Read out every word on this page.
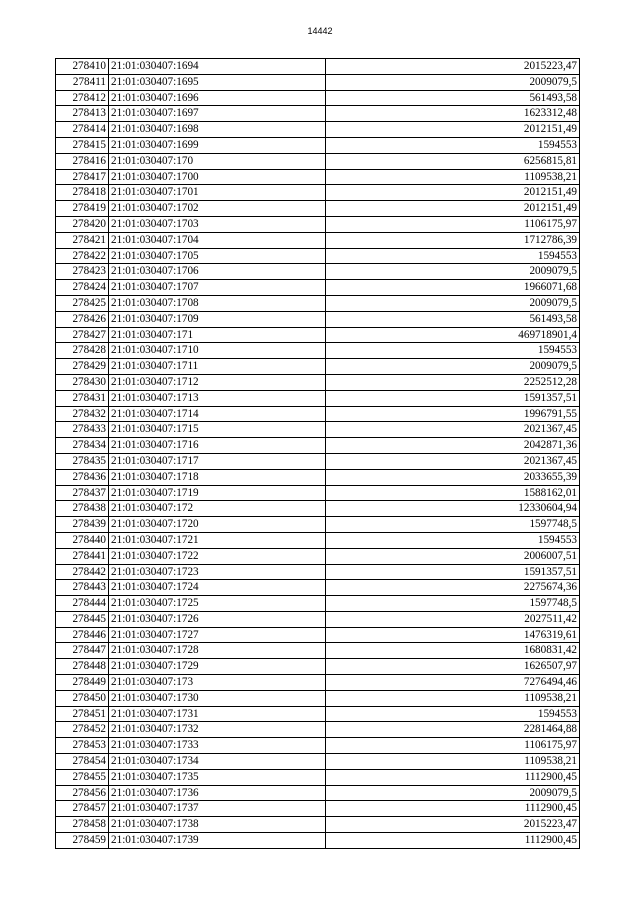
14442
278410	21:01:030407:1694	2015223,47
278411	21:01:030407:1695	2009079,5
278412	21:01:030407:1696	561493,58
278413	21:01:030407:1697	1623312,48
278414	21:01:030407:1698	2012151,49
278415	21:01:030407:1699	1594553
278416	21:01:030407:170	6256815,81
278417	21:01:030407:1700	1109538,21
278418	21:01:030407:1701	2012151,49
278419	21:01:030407:1702	2012151,49
278420	21:01:030407:1703	1106175,97
278421	21:01:030407:1704	1712786,39
278422	21:01:030407:1705	1594553
278423	21:01:030407:1706	2009079,5
278424	21:01:030407:1707	1966071,68
278425	21:01:030407:1708	2009079,5
278426	21:01:030407:1709	561493,58
278427	21:01:030407:171	469718901,4
278428	21:01:030407:1710	1594553
278429	21:01:030407:1711	2009079,5
278430	21:01:030407:1712	2252512,28
278431	21:01:030407:1713	1591357,51
278432	21:01:030407:1714	1996791,55
278433	21:01:030407:1715	2021367,45
278434	21:01:030407:1716	2042871,36
278435	21:01:030407:1717	2021367,45
278436	21:01:030407:1718	2033655,39
278437	21:01:030407:1719	1588162,01
278438	21:01:030407:172	12330604,94
278439	21:01:030407:1720	1597748,5
278440	21:01:030407:1721	1594553
278441	21:01:030407:1722	2006007,51
278442	21:01:030407:1723	1591357,51
278443	21:01:030407:1724	2275674,36
278444	21:01:030407:1725	1597748,5
278445	21:01:030407:1726	2027511,42
278446	21:01:030407:1727	1476319,61
278447	21:01:030407:1728	1680831,42
278448	21:01:030407:1729	1626507,97
278449	21:01:030407:173	7276494,46
278450	21:01:030407:1730	1109538,21
278451	21:01:030407:1731	1594553
278452	21:01:030407:1732	2281464,88
278453	21:01:030407:1733	1106175,97
278454	21:01:030407:1734	1109538,21
278455	21:01:030407:1735	1112900,45
278456	21:01:030407:1736	2009079,5
278457	21:01:030407:1737	1112900,45
278458	21:01:030407:1738	2015223,47
278459	21:01:030407:1739	1112900,45
